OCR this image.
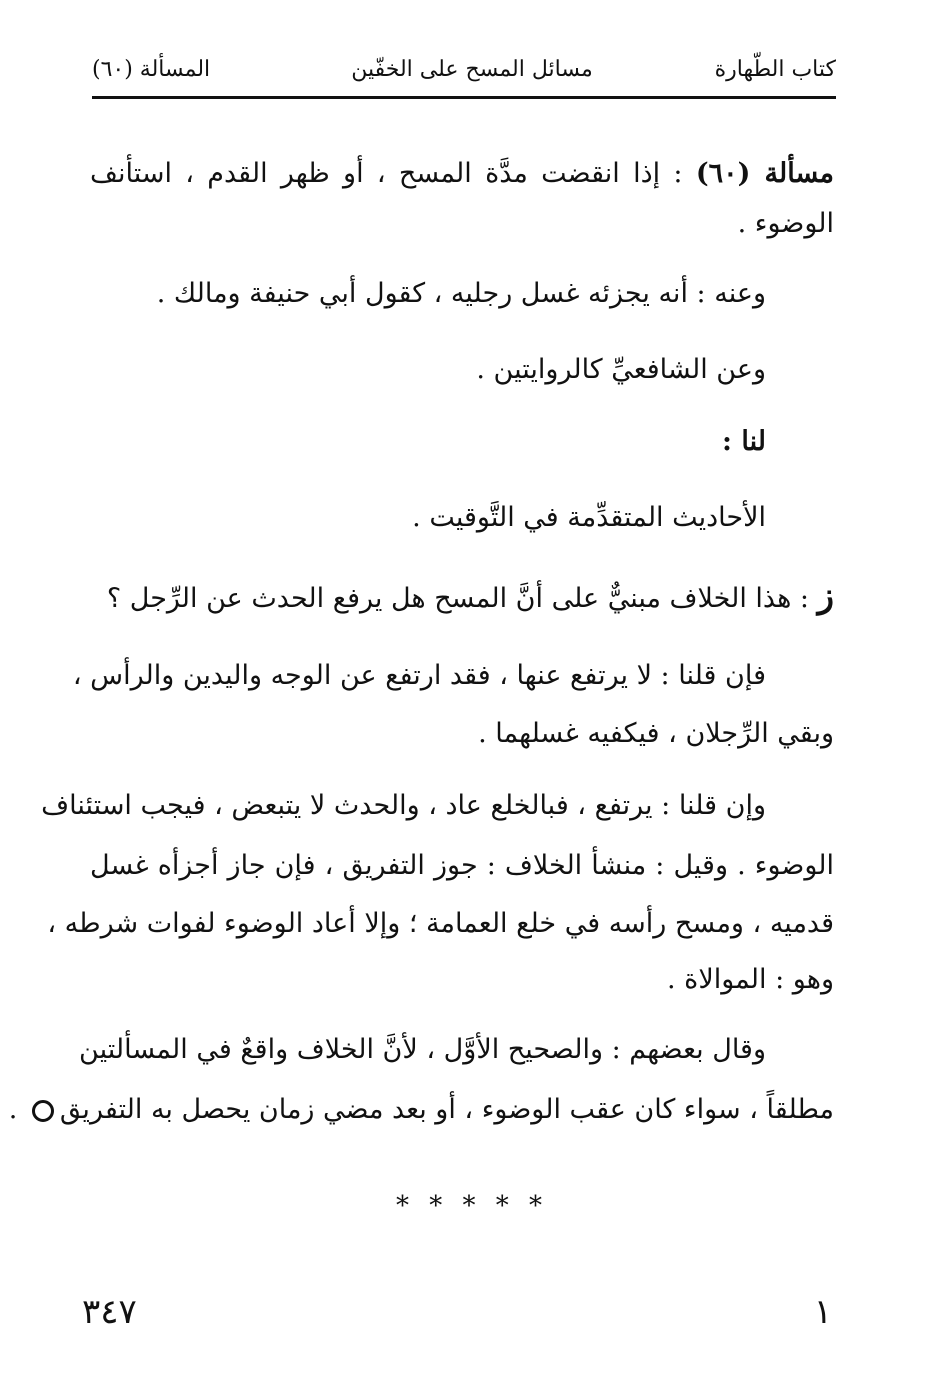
كتاب الطّهارة
مسائل المسح على الخفّين
المسألة (٦٠)
مسألة (٦٠) : إذا انقضت مدَّة المسح ، أو ظهر القدم ، استأنف
الوضوء .
وعنه : أنه يجزئه غسل رجليه ، كقول أبي حنيفة ومالك .
وعن الشافعيِّ كالروايتين .
لنا :
الأحاديث المتقدِّمة في التَّوقيت .
ز : هذا الخلاف مبنيٌّ على أنَّ المسح هل يرفع الحدث عن الرِّجل ؟
فإن قلنا : لا يرتفع عنها ، فقد ارتفع عن الوجه واليدين والرأس ،
وبقي الرِّجلان ، فيكفيه غسلهما .
وإن قلنا : يرتفع ، فبالخلع عاد ، والحدث لا يتبعض ، فيجب استئناف
الوضوء . وقيل : منشأ الخلاف : جوز التفريق ، فإن جاز أجزأه غسل
قدميه ، ومسح رأسه في خلع العمامة ؛ وإلا أعاد الوضوء لفوات شرطه ،
وهو : الموالاة .
وقال بعضهم : والصحيح الأوَّل ، لأنَّ الخلاف واقعٌ في المسألتين
مطلقاً ، سواء كان عقب الوضوء ، أو بعد مضي زمان يحصل به التفريق .
* * * * *
٣٤٧	١
